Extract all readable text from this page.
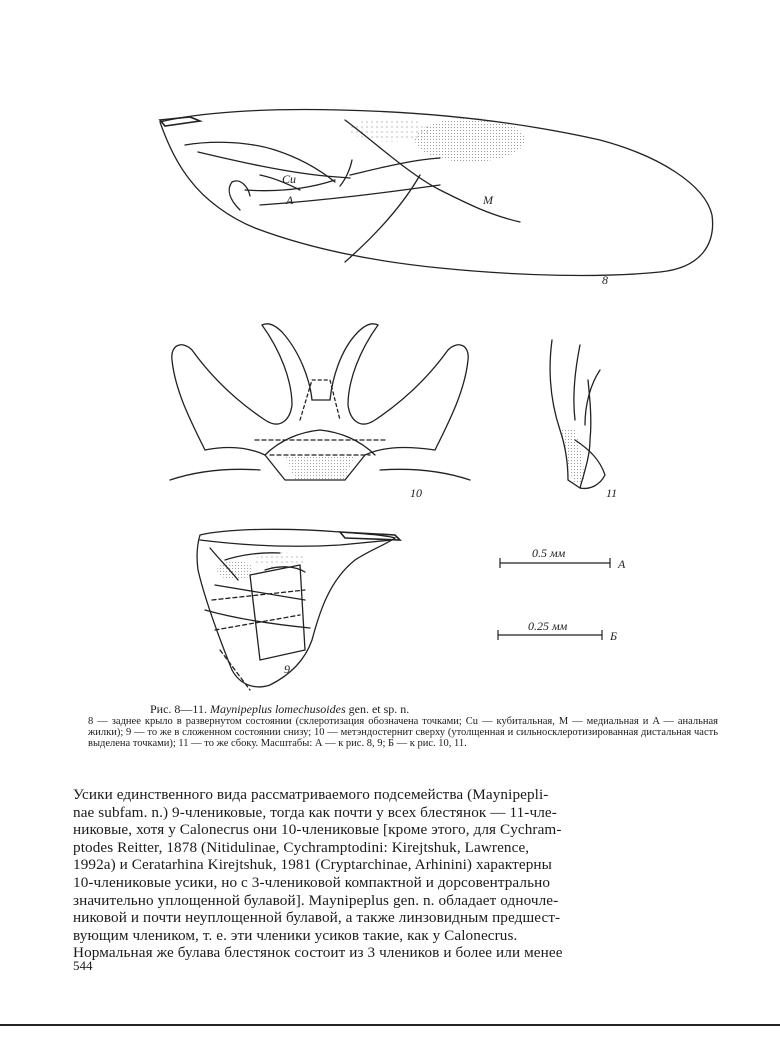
Cu
A	M
8
10	11
9
0.5 мм
А
0.25 мм
Б
Рис. 8—11. Maynipeplus lomechusoides gen. et sp. n.
8 — заднее крыло в развернутом состоянии (склеротизация обозначена точками; Cu — кубитальная, M — медиальная и A — анальная жилки); 9 — то же в сложенном состоянии снизу; 10 — метэндостернит сверху (утолщенная и сильносклеротизированная дистальная часть выделена точками); 11 — то же сбоку. Масштабы: А — к рис. 8, 9; Б — к рис. 10, 11.
Усики единственного вида рассматриваемого подсемейства (Maynipepli-
nae subfam. n.) 9-члениковые, тогда как почти у всех блестянок — 11-чле-
никовые, хотя у Calonecrus они 10-члениковые [кроме этого, для Cychram-
ptodes Reitter, 1878 (Nitidulinae, Cychramptodini: Kirejtshuk, Lawrence,
1992a) и Ceratarhina Kirejtshuk, 1981 (Cryptarchinae, Arhinini) характерны
10-члениковые усики, но с 3-члениковой компактной и дорсовентрально
значительно уплощенной булавой]. Maynipeplus gen. n. обладает одночле-
никовой и почти неуплощенной булавой, а также линзовидным предшест-
вующим члеником, т. е. эти членики усиков такие, как у Calonecrus.
Нормальная же булава блестянок состоит из 3 члеников и более или менее
544
